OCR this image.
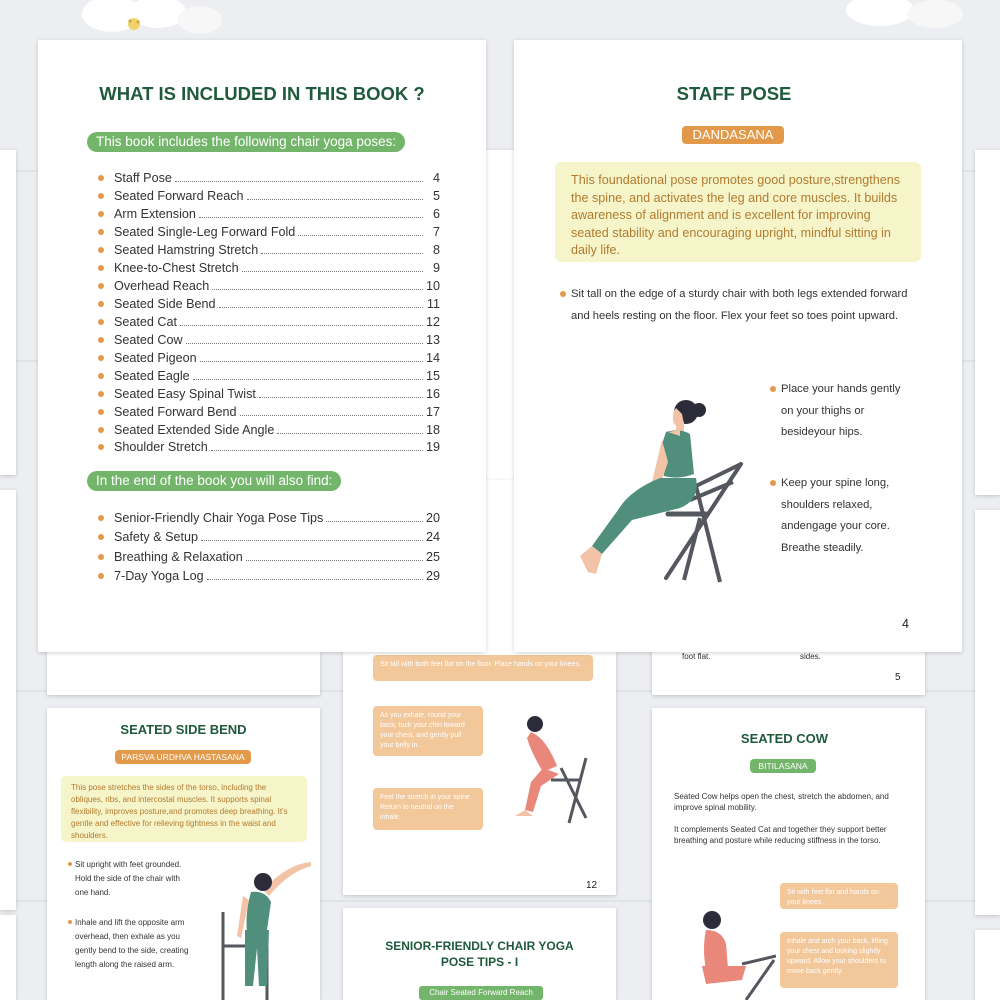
foot flat.	sides.
5
Sit tall with both feet flat on the floor. Place hands on your knees.
As you exhale, round your back, tuck your chin toward your chest, and gently pull your belly in.
Feel the stretch in your spine. Return to neutral on the inhale.
12
SEATED SIDE BEND
PARSVA URDHVA HASTASANA
This pose stretches the sides of the torso, including the obliques, ribs, and intercostal muscles. It supports spinal flexibility, improves posture,and promotes deep breathing. It's gentle and effective for relieving tightness in the waist and shoulders.
Sit upright with feet grounded. Hold the side of the chair with one hand.
Inhale and lift the opposite arm overhead, then exhale as you gently bend to the side, creating length along the raised arm.
SENIOR-FRIENDLY CHAIR YOGA POSE TIPS - I
Chair Seated Forward Reach
SEATED COW
BITILASANA
Seated Cow helps open the chest, stretch the abdomen, and improve spinal mobility.
It complements Seated Cat and together they support better breathing and posture while reducing stiffness in the torso.
Sit with feet flat and hands on your knees.
Inhale and arch your back, lifting your chest and looking slightly upward. Allow your shoulders to move back gently.
WHAT IS INCLUDED IN THIS BOOK ?
This book includes the following chair yoga poses:
Staff Pose	4
Seated Forward Reach	5
Arm Extension	6
Seated Single-Leg Forward Fold	7
Seated Hamstring Stretch	8
Knee-to-Chest Stretch	9
Overhead Reach	10
Seated Side Bend	11
Seated Cat	12
Seated Cow	13
Seated Pigeon	14
Seated Eagle	15
Seated Easy Spinal Twist	16
Seated Forward Bend	17
Seated Extended Side Angle	18
Shoulder Stretch	19
In the end of the book you will also find:
Senior-Friendly Chair Yoga Pose Tips	20
Safety & Setup	24
Breathing & Relaxation	25
7-Day Yoga Log	29
STAFF POSE
DANDASANA
This foundational pose promotes good posture,strengthens the spine, and activates the leg and core muscles. It builds awareness of alignment and is excellent for improving seated stability and encouraging upright, mindful sitting in daily life.
Sit tall on the edge of a sturdy chair with both legs extended forward and heels resting on the floor. Flex your feet so toes point upward.
Place your hands gently on your thighs or besideyour hips.
Keep your spine long, shoulders relaxed, andengage your core. Breathe steadily.
4
